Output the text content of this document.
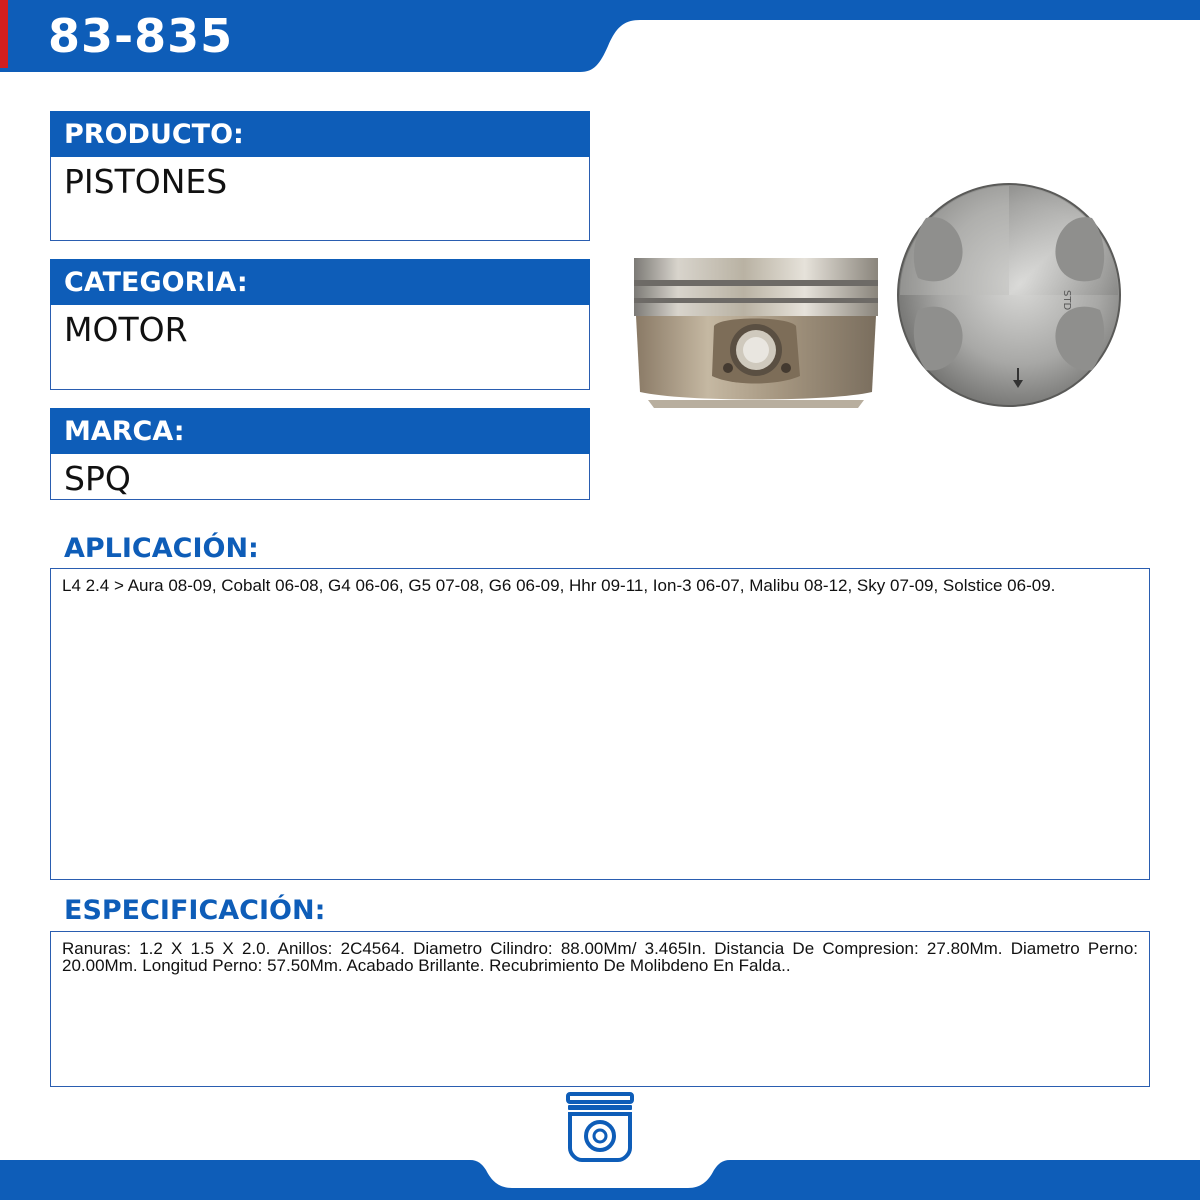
83-835
PRODUCTO:
PISTONES
CATEGORIA:
MOTOR
MARCA:
SPQ
STD
APLICACIÓN:
L4 2.4 > Aura 08-09, Cobalt 06-08, G4 06-06, G5 07-08, G6 06-09, Hhr 09-11, Ion-3 06-07, Malibu 08-12, Sky 07-09, Solstice 06-09.
ESPECIFICACIÓN:
Ranuras: 1.2 X 1.5 X 2.0. Anillos: 2C4564. Diametro Cilindro: 88.00Mm/ 3.465In. Distancia De Compresion: 27.80Mm. Diametro Perno: 20.00Mm. Longitud Perno: 57.50Mm. Acabado Brillante. Recubrimiento De Molibdeno En Falda..
MOTOR
